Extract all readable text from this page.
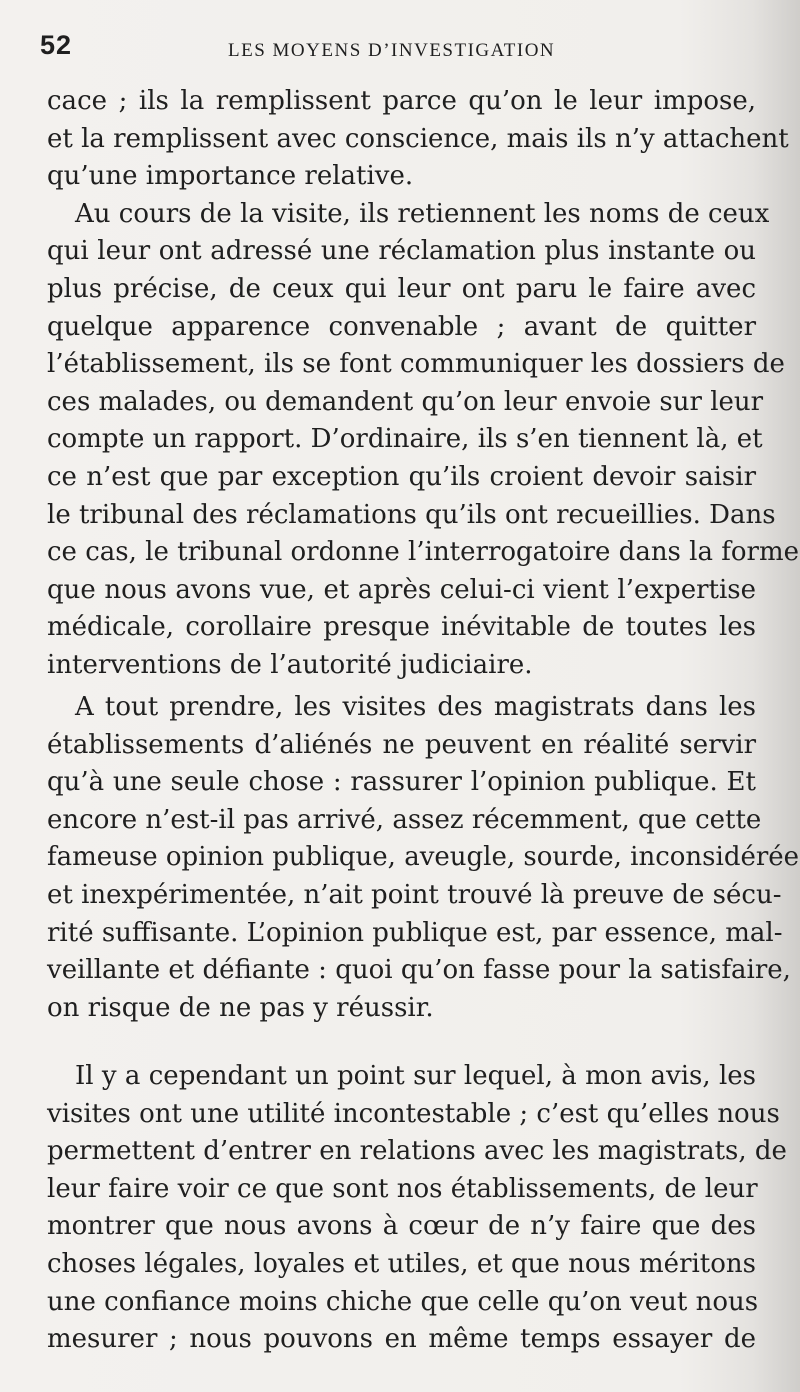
52	LES MOYENS D’INVESTIGATION
cace ; ils la remplissent parce qu’on le leur impose,
et la remplissent avec conscience, mais ils n’y attachent
qu’une importance relative.
Au cours de la visite, ils retiennent les noms de ceux
qui leur ont adressé une réclamation plus instante ou
plus précise, de ceux qui leur ont paru le faire avec
quelque apparence convenable ; avant de quitter
l’établissement, ils se font communiquer les dossiers de
ces malades, ou demandent qu’on leur envoie sur leur
compte un rapport. D’ordinaire, ils s’en tiennent là, et
ce n’est que par exception qu’ils croient devoir saisir
le tribunal des réclamations qu’ils ont recueillies. Dans
ce cas, le tribunal ordonne l’interrogatoire dans la forme
que nous avons vue, et après celui-ci vient l’expertise
médicale, corollaire presque inévitable de toutes les
interventions de l’autorité judiciaire.
A tout prendre, les visites des magistrats dans les
établissements d’aliénés ne peuvent en réalité servir
qu’à une seule chose : rassurer l’opinion publique. Et
encore n’est-il pas arrivé, assez récemment, que cette
fameuse opinion publique, aveugle, sourde, inconsidérée
et inexpérimentée, n’ait point trouvé là preuve de sécu-
rité suffisante. L’opinion publique est, par essence, mal-
veillante et défiante : quoi qu’on fasse pour la satisfaire,
on risque de ne pas y réussir.
Il y a cependant un point sur lequel, à mon avis, les
visites ont une utilité incontestable ; c’est qu’elles nous
permettent d’entrer en relations avec les magistrats, de
leur faire voir ce que sont nos établissements, de leur
montrer que nous avons à cœur de n’y faire que des
choses légales, loyales et utiles, et que nous méritons
une confiance moins chiche que celle qu’on veut nous
mesurer ; nous pouvons en même temps essayer de
